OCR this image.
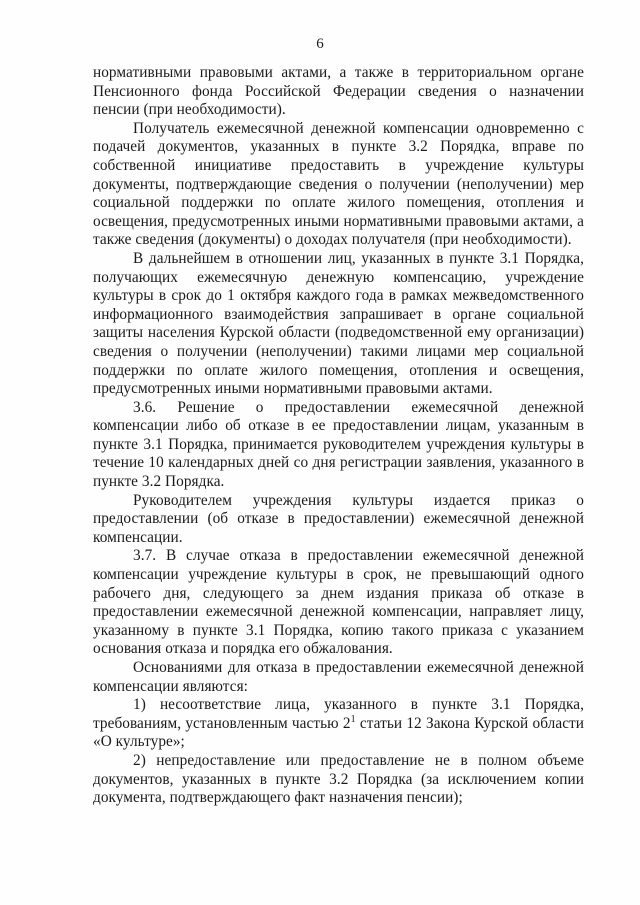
6

нормативными правовыми актами, а также в территориальном органе Пенсионного фонда Российской Федерации сведения о назначении пенсии (при необходимости).

Получатель ежемесячной денежной компенсации одновременно с подачей документов, указанных в пункте 3.2 Порядка, вправе по собственной инициативе предоставить в учреждение культуры документы, подтверждающие сведения о получении (неполучении) мер социальной поддержки по оплате жилого помещения, отопления и освещения, предусмотренных иными нормативными правовыми актами, а также сведения (документы) о доходах получателя (при необходимости).

В дальнейшем в отношении лиц, указанных в пункте 3.1 Порядка, получающих ежемесячную денежную компенсацию, учреждение культуры в срок до 1 октября каждого года в рамках межведомственного информационного взаимодействия запрашивает в органе социальной защиты населения Курской области (подведомственной ему организации) сведения о получении (неполучении) такими лицами мер социальной поддержки по оплате жилого помещения, отопления и освещения, предусмотренных иными нормативными правовыми актами.

3.6. Решение о предоставлении ежемесячной денежной компенсации либо об отказе в ее предоставлении лицам, указанным в пункте 3.1 Порядка, принимается руководителем учреждения культуры в течение 10 календарных дней со дня регистрации заявления, указанного в пункте 3.2 Порядка.

Руководителем учреждения культуры издается приказ о предоставлении (об отказе в предоставлении) ежемесячной денежной компенсации.

3.7. В случае отказа в предоставлении ежемесячной денежной компенсации учреждение культуры в срок, не превышающий одного рабочего дня, следующего за днем издания приказа об отказе в предоставлении ежемесячной денежной компенсации, направляет лицу, указанному в пункте 3.1 Порядка, копию такого приказа с указанием основания отказа и порядка его обжалования.

Основаниями для отказа в предоставлении ежемесячной денежной компенсации являются:

1) несоответствие лица, указанного в пункте 3.1 Порядка, требованиям, установленным частью $2^1$ статьи 12 Закона Курской области «О культуре»;

2) непредоставление или предоставление не в полном объеме документов, указанных в пункте 3.2 Порядка (за исключением копии документа, подтверждающего факт назначения пенсии);
